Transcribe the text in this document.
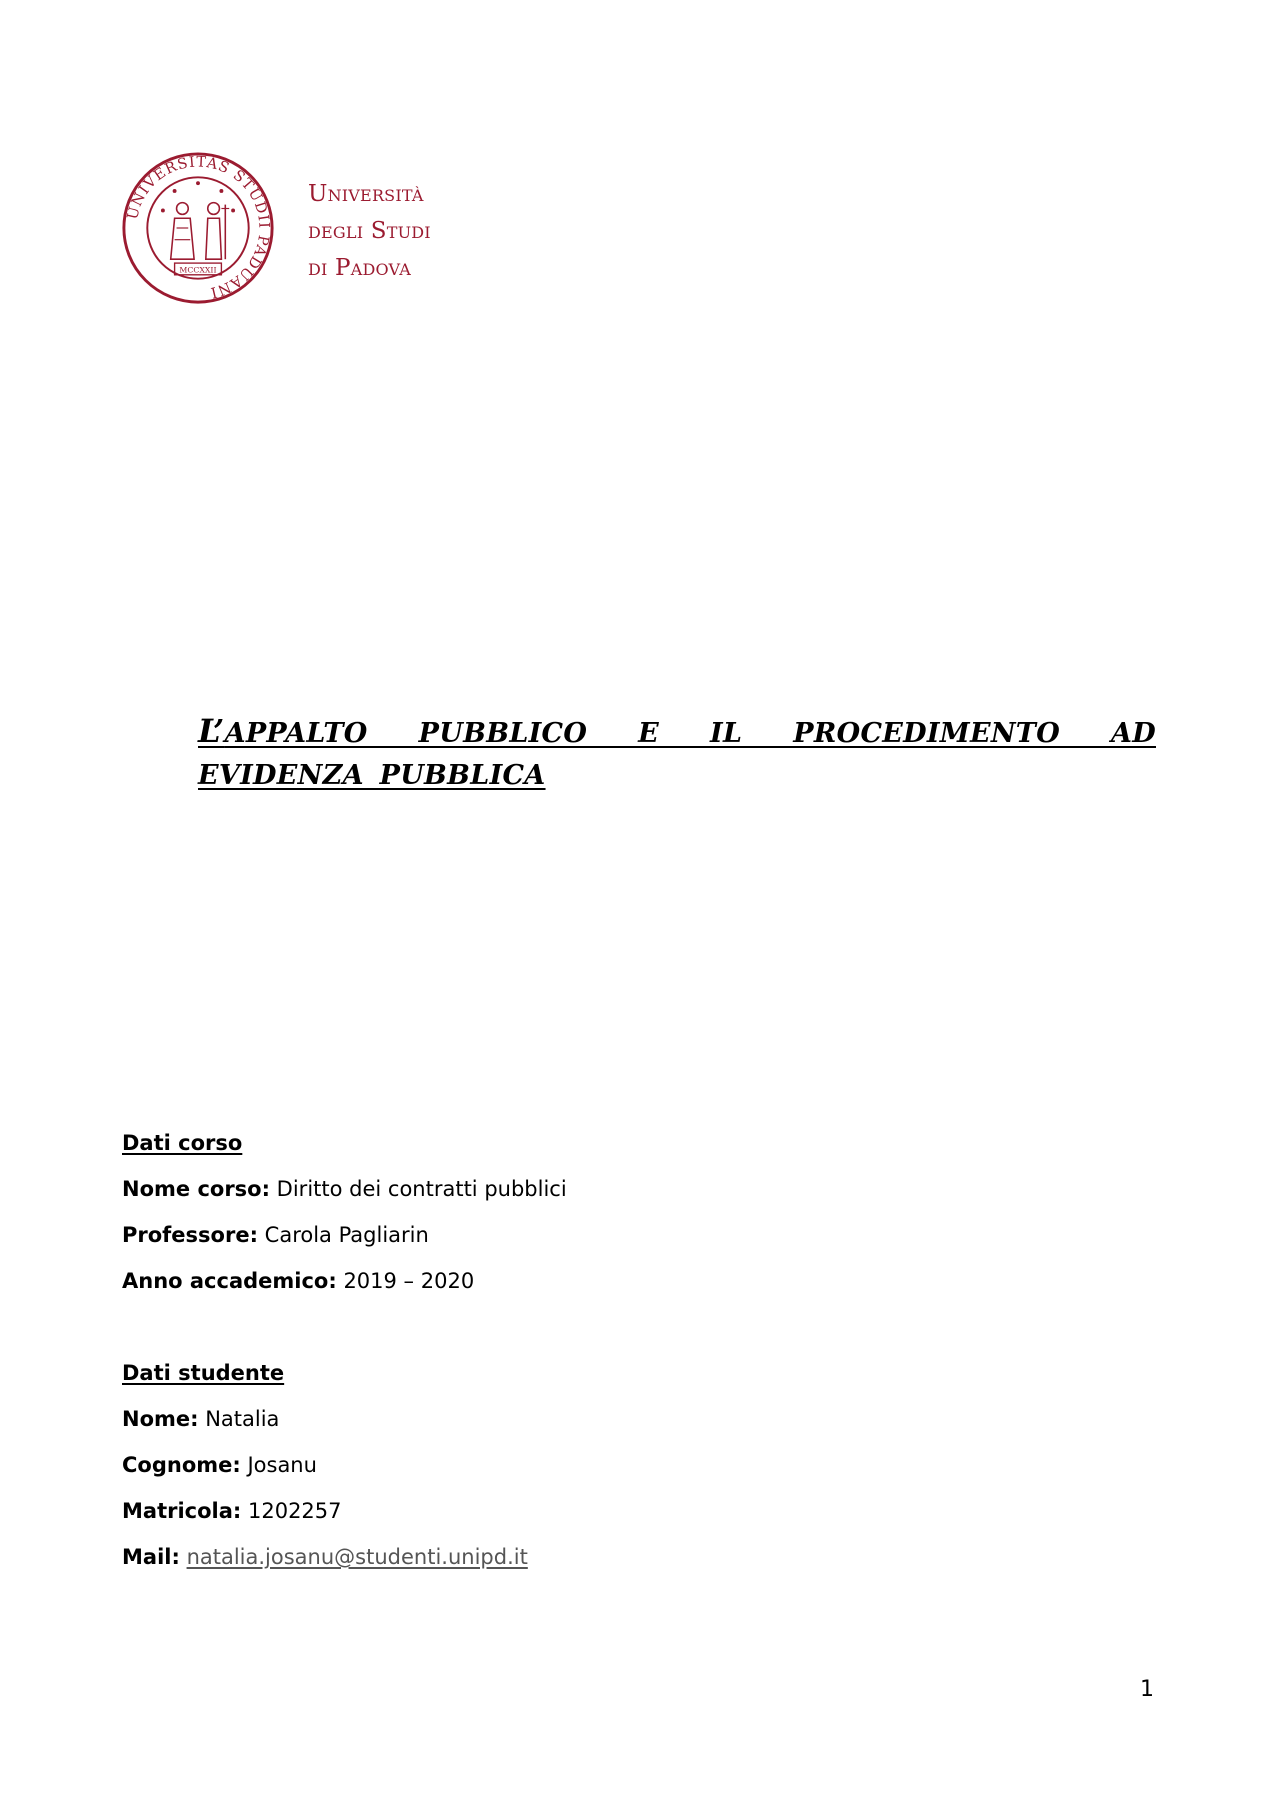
UNIVERSITAS STUDII PADUANI
MCCXXII
Università
degli Studi
di Padova
L’APPALTO PUBBLICO E IL PROCEDIMENTO AD EVIDENZA PUBBLICA
Dati corso
Nome corso: Diritto dei contratti pubblici
Professore: Carola Pagliarin
Anno accademico: 2019 – 2020
Dati studente
Nome: Natalia
Cognome: Josanu
Matricola: 1202257
Mail: natalia.josanu@studenti.unipd.it
1
